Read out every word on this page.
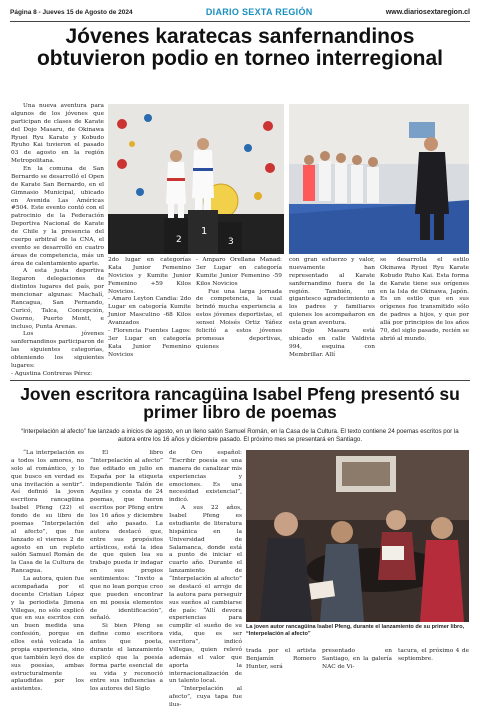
Página 8 - Jueves 15 de Agosto de 2024	DIARIO SEXTA REGIÓN	www.diariosextaregion.cl
Jóvenes karatecas sanfernandinos obtuvieron podio en torneo interregional

Una nueva aventura para algunos de los jóvenes que participan de clases de Karate del Dojo Masaru, de Okinawa Ryuei Ryu Karate y Kobudo Ryuho Kai tuvieron el pasado 03 de agosto en la región Metropolitana.

En la comuna de San Bernardo se desarrolló el Open de Karate San Bernardo, en el Gimnasio Municipal, ubicado en Avenida Las Américas #504. Este evento contó con el patrocinio de la Federación Deportiva Nacional de Karate de Chile y la presencia del cuerpo arbitral de la CNA, el evento se desarrolló en cuatro áreas de competencia, más un área de calentamiento aparte.

A esta justa deportiva llegaron delegaciones de distintos lugares del país, por mencionar algunas: Machalí, Rancagua, San Fernando, Curicó, Talca, Concepción, Osorno, Puerto Montt, e incluso, Punta Arenas.

Los jóvenes sanfernandinos participaron de las siguientes categorías, obteniendo los siguientes lugares:

- Agustina Contreras Pérez:

2
1
3

2do lugar en categorías Kata Junior Femenino Novicios y Kumite Junior Femenino +59 Kilos Novicios.

- Amaro Leyton Candia: 2do Lugar en categoría Kumite Junior Masculino -68 Kilos Avanzados

- Florencia Fuentes Lagos: 3er Lugar en categoría Kata Junior Femenino Novicios

- Amparo Orellana Manad: 3er Lugar en categoría Kumite Junior Femenino -59 Kilos Novicios

Fue una larga jornada de competencia, la cual brindó mucha experiencia a estos jóvenes deportistas, el sensei Moisés Ortiz Yáñez felicitó a estos jóvenes promesas deportivas, quienes

con gran esfuerzo y valor, nuevamente han representado al Karate sanfernandino fuera de la región. También, un gigantesco agradecimiento a los padres y familiares quienes los acompañaron en esta gran aventura.

Dojo Masaru está ubicado en calle Valdivia 994, esquina con Membrillar. Allí

se desarrolla el estilo Okinawa Ryuei Ryu Karate Kobudo Ruho Kai. Esta forma de Karate tiene sus orígenes en la Isla de Okinawa, Japón. Es un estilo que en sus orígenes fue transmitido sólo de padres a hijos, y que por allá por principios de los años 70, del siglo pasado, recién se abrió al mundo.

Joven escritora rancagüina Isabel Pfeng presentó su primer libro de poemas
“Interpelación al afecto” fue lanzado a inicios de agosto, en un lleno salón Samuel Román, en la Casa de la Cultura. El texto contiene 24 poemas escritos por la autora entre los 16 años y diciembre pasado. El próximo mes se presentará en Santiago.

“La interpelación es a todos los amores, no solo al romántico, y lo que busco en verdad es una invitación a sentir”. Así definió la joven escritora rancagüina Isabel Pfeng (22) el fondo de su libro de poemas “Interpelación al afecto”, que fue lanzado el viernes 2 de agosto en un repleto salón Samuel Román de la Casa de la Cultura de Rancagua.

La autora, quien fue acompañada por el docente Cristian López y la periodista Jimena Villegas, no sólo explicó que en sus escritos con un buen medida una confesión, porque en ellos está volcada la propia experiencia, sino que también leyó dos de sus poesías, ambas estructuralmente aplaudidas por los asistentes.

El libro “Interpelación al afecto” fue editado en julio en España por la etiqueta independiente Talón de Aquiles y consta de 24 poemas, que fueron escritos por Pfeng entre los 16 años y diciembre del año pasado. La autora destacó que, entre sus propósitos artísticos, está la idea de que quien lea su trabajo pueda ir indagar en sus propios sentimientos: “Invito a que no lean porque creo que pueden encontrar en mi poesía elementos de identificación”, señaló.

Si bien Pfeng se define como escritora antes que poeta, durante el lanzamiento explicó que la poesía forma parte esencial de su vida y reconoció entre sus influencias a los autores del Siglo

de Oro español: “Escribir poesía es una manera de canalizar mis experiencias y emociones. Es una necesidad existencial”, indicó.

A sus 22 años, Isabel Pfeng es estudiante de literatura hispánica en la Universidad de Salamanca, donde está a punto de iniciar el cuarto año. Durante el lanzamiento de “Interpelación al afecto” se destacó el arrojo de la autora para perseguir sus sueños al cambiarse de país: “Allí devora experiencias para cumplir el sueño de su vida, que es ser escritora”, indicó Villegas, quien relevó además el valor que aporta la internacionalización de un talento local.

“Interpelación al afecto”, cuya tapa fue ilus-

La joven autor rancagüina Isabel Pfeng, durante el lanzamiento de su primer libro, “Interpelación al afecto”

trada por el artista Benjamín Romero Hunter, será

presentado en Santiago, en la galería NAC de Vi-

tacura, el próximo 4 de septiembre.
